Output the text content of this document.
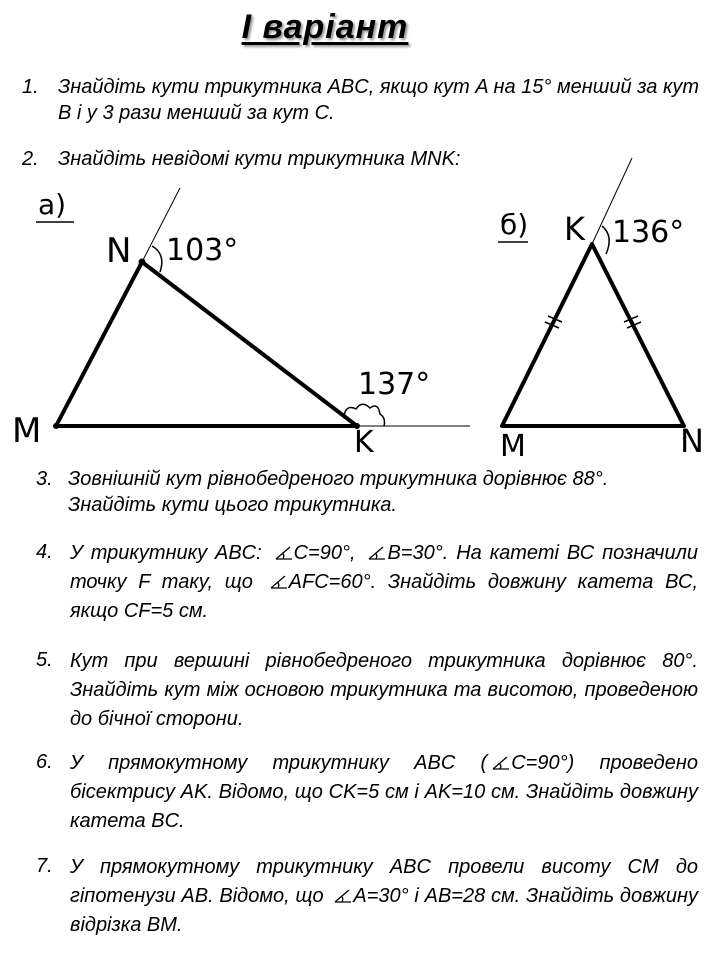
І варіант
1. Знайдіть кути трикутника ABC, якщо кут A на 15° менший за кут B і у 3 рази менший за кут C.
2. Знайдіть невідомі кути трикутника MNK:
а)
N
M	K
103°
137°
б) K
M	N
136°
3. Зовнішній кут рівнобедреного трикутника дорівнює 88°. Знайдіть кути цього трикутника.
4. У трикутнику ABC:
C=90°,
B=30°. На катеті ВС позначили точку F таку, що
AFC=60°. Знайдіть довжину катета ВС, якщо CF=5 см.
5. Кут при вершині рівнобедреного трикутника дорівнює 80°. Знайдіть кут між основою трикутника та висотою, проведеною до бічної сторони.
6. У прямокутному трикутнику ABC ( C=90°) проведено бісектрису AK. Відомо, що CK=5 см і AK=10 см. Знайдіть довжину катета BC.
7. У прямокутному трикутнику ABC провели висоту CM до гіпотенузи AB. Відомо, що
A=30° і AB=28 см. Знайдіть довжину відрізка BM.
